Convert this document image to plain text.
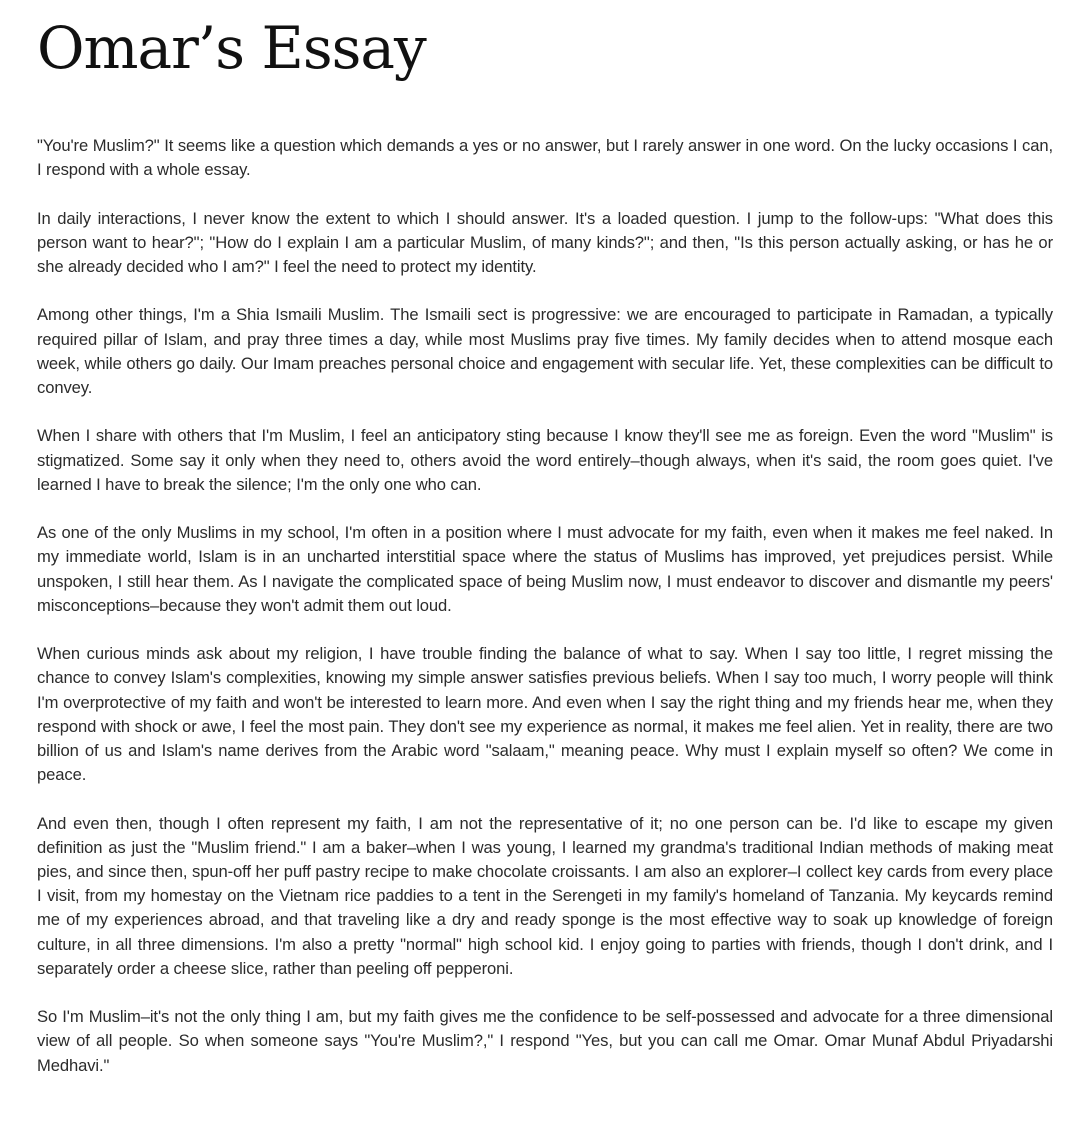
Omar’s Essay

"You're Muslim?" It seems like a question which demands a yes or no answer, but I rarely answer in one word. On the lucky occasions I can, I respond with a whole essay.

In daily interactions, I never know the extent to which I should answer. It's a loaded question. I jump to the follow-ups: "What does this person want to hear?"; "How do I explain I am a particular Muslim, of many kinds?"; and then, "Is this person actually asking, or has he or she already decided who I am?" I feel the need to protect my identity.

Among other things, I'm a Shia Ismaili Muslim. The Ismaili sect is progressive: we are encouraged to participate in Ramadan, a typically required pillar of Islam, and pray three times a day, while most Muslims pray five times. My family decides when to attend mosque each week, while others go daily. Our Imam preaches personal choice and engagement with secular life. Yet, these complexities can be difficult to convey.

When I share with others that I'm Muslim, I feel an anticipatory sting because I know they'll see me as foreign. Even the word "Muslim" is stigmatized. Some say it only when they need to, others avoid the word entirely–though always, when it's said, the room goes quiet. I've learned I have to break the silence; I'm the only one who can.

As one of the only Muslims in my school, I'm often in a position where I must advocate for my faith, even when it makes me feel naked. In my immediate world, Islam is in an uncharted interstitial space where the status of Muslims has improved, yet prejudices persist. While unspoken, I still hear them. As I navigate the complicated space of being Muslim now, I must endeavor to discover and dismantle my peers' misconceptions–because they won't admit them out loud.

When curious minds ask about my religion, I have trouble finding the balance of what to say. When I say too little, I regret missing the chance to convey Islam's complexities, knowing my simple answer satisfies previous beliefs. When I say too much, I worry people will think I'm overprotective of my faith and won't be interested to learn more. And even when I say the right thing and my friends hear me, when they respond with shock or awe, I feel the most pain. They don't see my experience as normal, it makes me feel alien. Yet in reality, there are two billion of us and Islam's name derives from the Arabic word "salaam," meaning peace. Why must I explain myself so often? We come in peace.

And even then, though I often represent my faith, I am not the representative of it; no one person can be. I'd like to escape my given definition as just the "Muslim friend." I am a baker–when I was young, I learned my grandma's traditional Indian methods of making meat pies, and since then, spun-off her puff pastry recipe to make chocolate croissants. I am also an explorer–I collect key cards from every place I visit, from my homestay on the Vietnam rice paddies to a tent in the Serengeti in my family's homeland of Tanzania. My keycards remind me of my experiences abroad, and that traveling like a dry and ready sponge is the most effective way to soak up knowledge of foreign culture, in all three dimensions. I'm also a pretty "normal" high school kid. I enjoy going to parties with friends, though I don't drink, and I separately order a cheese slice, rather than peeling off pepperoni.

So I'm Muslim–it's not the only thing I am, but my faith gives me the confidence to be self-possessed and advocate for a three dimensional view of all people. So when someone says "You're Muslim?," I respond "Yes, but you can call me Omar. Omar Munaf Abdul Priyadarshi Medhavi."
